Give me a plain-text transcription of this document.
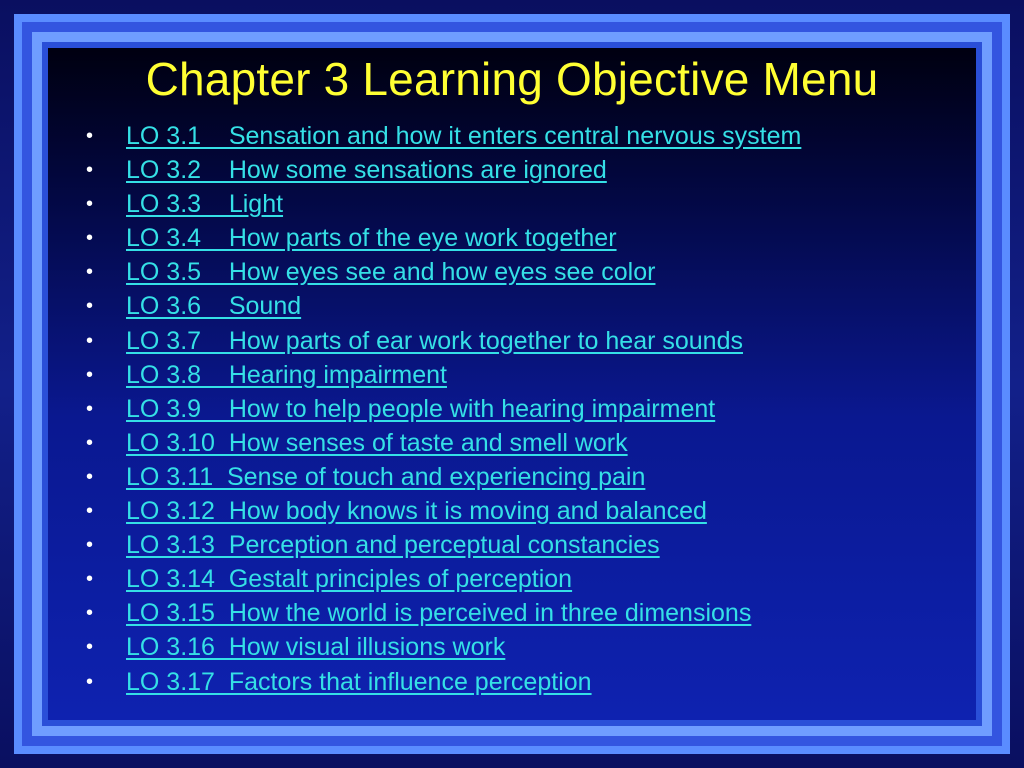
Chapter 3 Learning Objective Menu
•	LO 3.1    Sensation and how it enters central nervous system
•	LO 3.2    How some sensations are ignored
•	LO 3.3    Light
•	LO 3.4    How parts of the eye work together
•	LO 3.5    How eyes see and how eyes see color
•	LO 3.6    Sound
•	LO 3.7    How parts of ear work together to hear sounds
•	LO 3.8    Hearing impairment
•	LO 3.9    How to help people with hearing impairment
•	LO 3.10  How senses of taste and smell work
•	LO 3.11  Sense of touch and experiencing pain
•	LO 3.12  How body knows it is moving and balanced
•	LO 3.13  Perception and perceptual constancies
•	LO 3.14  Gestalt principles of perception
•	LO 3.15  How the world is perceived in three dimensions
•	LO 3.16  How visual illusions work
•	LO 3.17  Factors that influence perception
